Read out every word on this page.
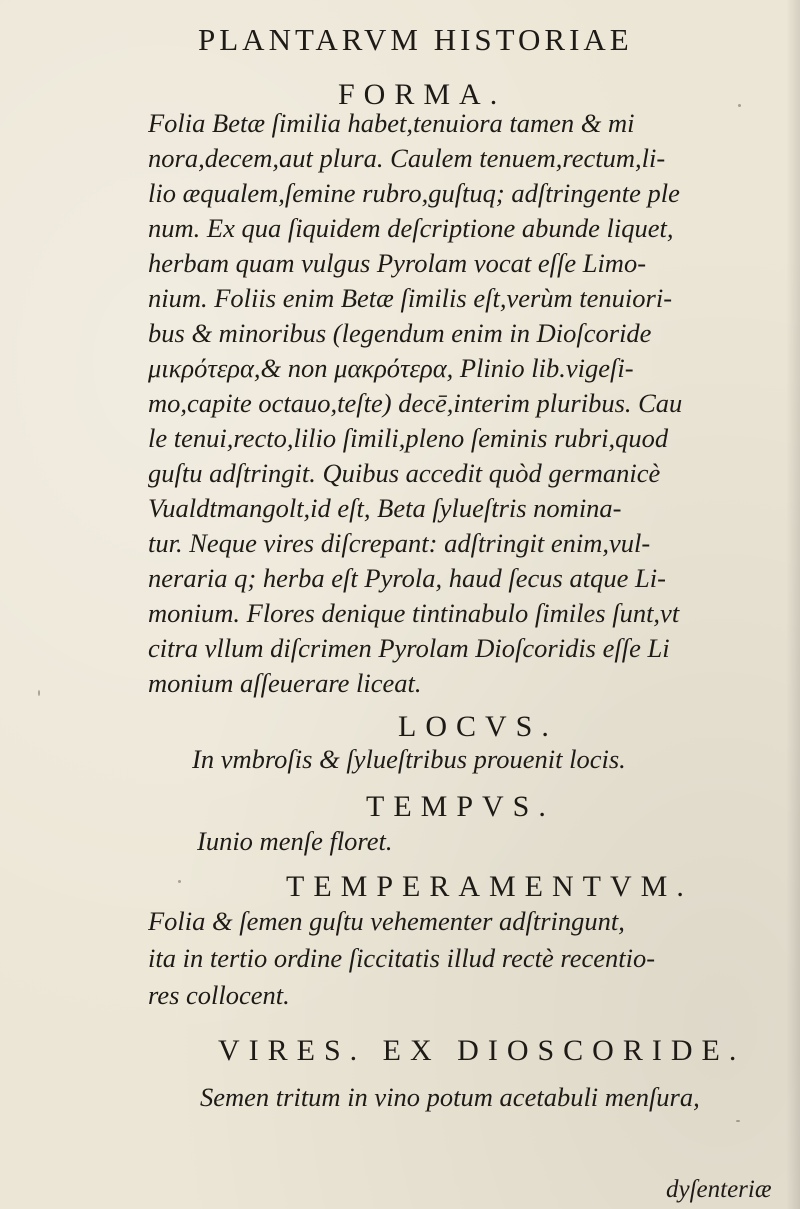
PLANTARVM HISTORIAE
FORMA.
Folia Betæ ſimilia habet,tenuiora tamen & mi
nora,decem,aut plura. Caulem tenuem,rectum,li-
lio æqualem,ſemine rubro,guſtuq; adſtringente ple
num. Ex qua ſiquidem deſcriptione abunde liquet,
herbam quam vulgus Pyrolam vocat eſſe Limo-
nium. Foliis enim Betæ ſimilis eſt,verùm tenuiori-
bus & minoribus (legendum enim in Dioſcoride
μικρότερα,& non μακρότερα, Plinio lib.vigeſi-
mo,capite octauo,teſte) decē,interim pluribus. Cau
le tenui,recto,lilio ſimili,pleno ſeminis rubri,quod
guſtu adſtringit. Quibus accedit quòd germanicè
Vualdtmangolt,id eſt, Beta ſylueſtris nomina-
tur. Neque vires diſcrepant: adſtringit enim,vul-
neraria q; herba eſt Pyrola, haud ſecus atque Li-
monium. Flores denique tintinabulo ſimiles ſunt,vt
citra vllum diſcrimen Pyrolam Dioſcoridis eſſe Li
monium aſſeuerare liceat.
LOCVS.
In vmbroſis & ſylueſtribus prouenit locis.
TEMPVS.
Iunio menſe floret.
TEMPERAMENTVM.
Folia & ſemen guſtu vehementer adſtringunt,
ita in tertio ordine ſiccitatis illud rectè recentio-
res collocent.
VIRES. EX DIOSCORIDE.
Semen tritum in vino potum acetabuli menſura,
dyſenteriæ
